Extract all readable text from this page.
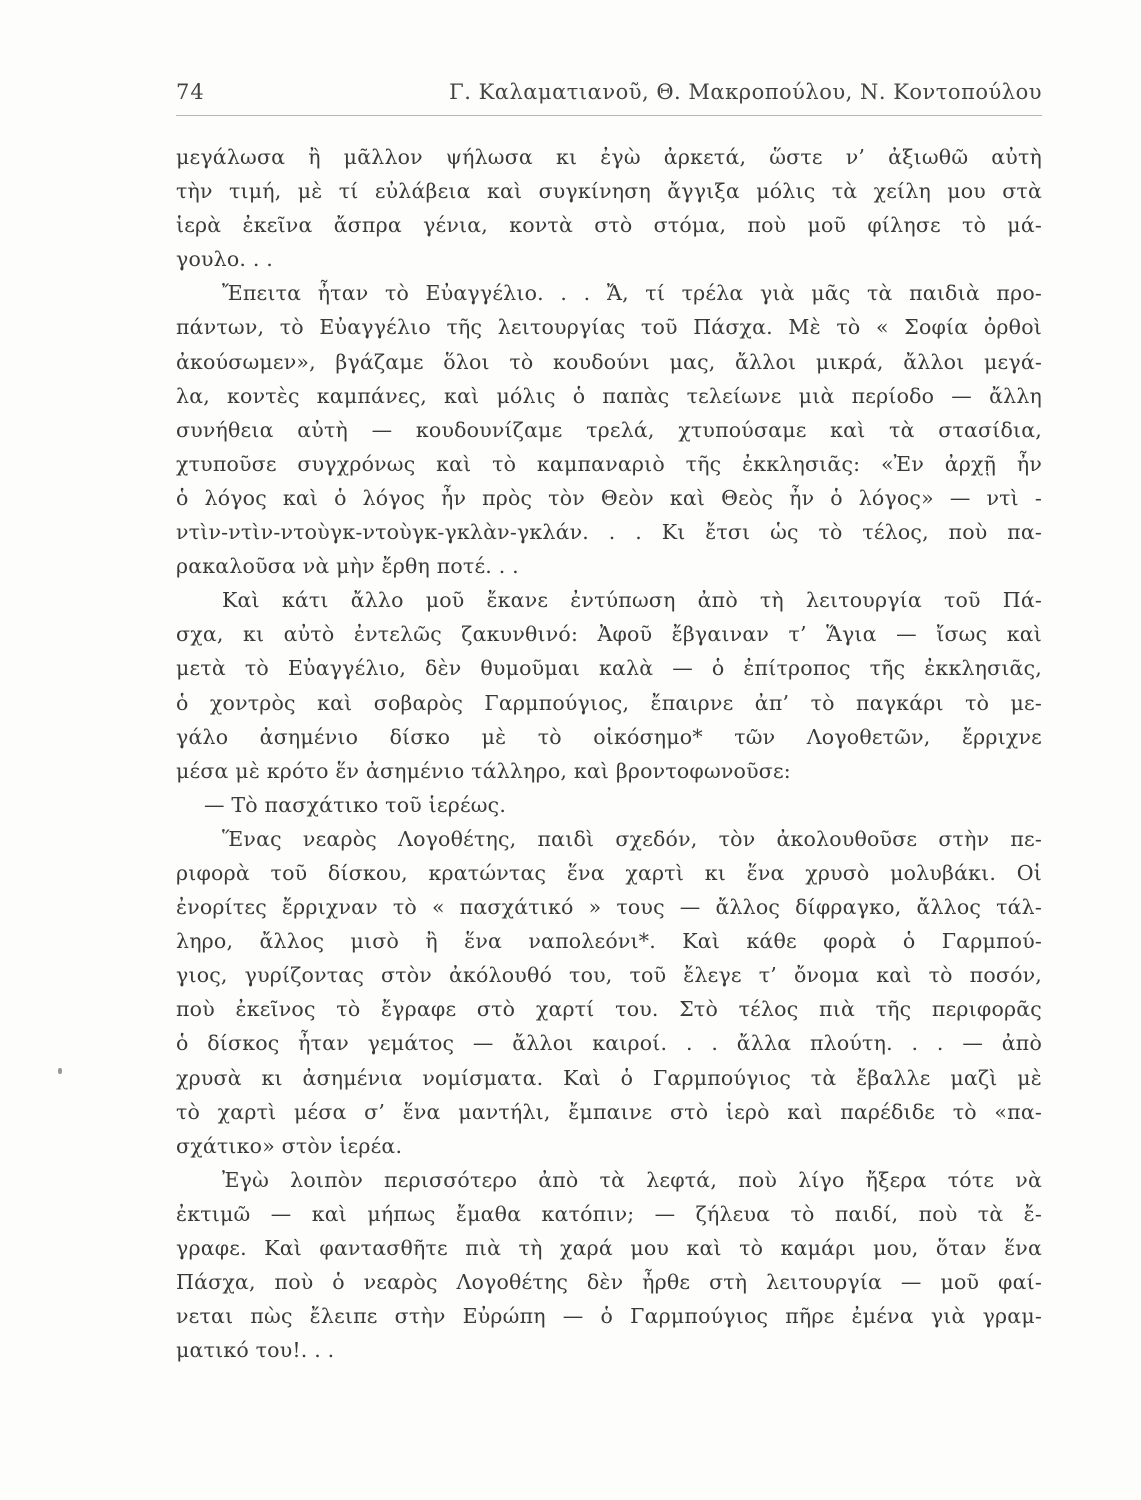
74	Γ. Καλαματιανοῦ, Θ. Μακροπούλου, Ν. Κοντοπούλου
μεγάλωσα ἢ μᾶλλον ψήλωσα κι ἐγὼ ἀρκετά, ὥστε ν’ ἀξιωθῶ αὐτὴ
τὴν τιμή, μὲ τί εὐλάβεια καὶ συγκίνηση ἄγγιξα μόλις τὰ χείλη μου στὰ
ἱερὰ ἐκεῖνα ἄσπρα γένια, κοντὰ στὸ στόμα, ποὺ μοῦ φίλησε τὸ μά-
γουλο. . .
Ἔπειτα ἦταν τὸ Εὐαγγέλιο. . . Ἄ, τί τρέλα γιὰ μᾶς τὰ παιδιὰ προ-
πάντων, τὸ Εὐαγγέλιο τῆς λειτουργίας τοῦ Πάσχα. Μὲ τὸ « Σοφία ὀρθοὶ
ἀκούσωμεν», βγάζαμε ὅλοι τὸ κουδούνι μας, ἄλλοι μικρά, ἄλλοι μεγά-
λα, κοντὲς καμπάνες, καὶ μόλις ὁ παπὰς τελείωνε μιὰ περίοδο — ἄλλη
συνήθεια αὐτὴ — κουδουνίζαμε τρελά, χτυπούσαμε καὶ τὰ στασίδια,
χτυποῦσε συγχρόνως καὶ τὸ καμπαναριὸ τῆς ἐκκλησιᾶς: «Ἐν ἀρχῇ ἦν
ὁ λόγος καὶ ὁ λόγος ἦν πρὸς τὸν Θεὸν καὶ Θεὸς ἦν ὁ λόγος» — ντὶ -
ντὶν-ντὶν-ντοὺγκ-ντοὺγκ-γκλὰν-γκλάν. . . Κι ἔτσι ὡς τὸ τέλος, ποὺ πα-
ρακαλοῦσα νὰ μὴν ἔρθη ποτέ. . .
Καὶ κάτι ἄλλο μοῦ ἔκανε ἐντύπωση ἀπὸ τὴ λειτουργία τοῦ Πά-
σχα, κι αὐτὸ ἐντελῶς ζακυνθινό: Ἀφοῦ ἔβγαιναν τ’ Ἅγια — ἴσως καὶ
μετὰ τὸ Εὐαγγέλιο, δὲν θυμοῦμαι καλὰ — ὁ ἐπίτροπος τῆς ἐκκλησιᾶς,
ὁ χοντρὸς καὶ σοβαρὸς Γαρμπούγιος, ἔπαιρνε ἀπ’ τὸ παγκάρι τὸ με-
γάλο ἀσημένιο δίσκο μὲ τὸ οἰκόσημο* τῶν Λογοθετῶν, ἔρριχνε
μέσα μὲ κρότο ἕν ἀσημένιο τάλληρο, καὶ βροντοφωνοῦσε:
— Τὸ πασχάτικο τοῦ ἱερέως.
Ἕνας νεαρὸς Λογοθέτης, παιδὶ σχεδόν, τὸν ἀκολουθοῦσε στὴν πε-
ριφορὰ τοῦ δίσκου, κρατώντας ἕνα χαρτὶ κι ἕνα χρυσὸ μολυβάκι. Οἱ
ἐνορίτες ἔρριχναν τὸ « πασχάτικό » τους — ἄλλος δίφραγκο, ἄλλος τάλ-
ληρο, ἄλλος μισὸ ἢ ἕνα ναπολεόνι*. Καὶ κάθε φορὰ ὁ Γαρμπού-
γιος, γυρίζοντας στὸν ἀκόλουθό του, τοῦ ἔλεγε τ’ ὄνομα καὶ τὸ ποσόν,
ποὺ ἐκεῖνος τὸ ἔγραφε στὸ χαρτί του. Στὸ τέλος πιὰ τῆς περιφορᾶς
ὁ δίσκος ἦταν γεμάτος — ἄλλοι καιροί. . . ἄλλα πλούτη. . . — ἀπὸ
χρυσὰ κι ἀσημένια νομίσματα. Καὶ ὁ Γαρμπούγιος τὰ ἔβαλλε μαζὶ μὲ
τὸ χαρτὶ μέσα σ’ ἕνα μαντήλι, ἔμπαινε στὸ ἱερὸ καὶ παρέδιδε τὸ «πα-
σχάτικο» στὸν ἱερέα.
Ἐγὼ λοιπὸν περισσότερο ἀπὸ τὰ λεφτά, ποὺ λίγο ἤξερα τότε νὰ
ἐκτιμῶ — καὶ μήπως ἔμαθα κατόπιν; — ζήλευα τὸ παιδί, ποὺ τὰ ἔ-
γραφε. Καὶ φαντασθῆτε πιὰ τὴ χαρά μου καὶ τὸ καμάρι μου, ὅταν ἕνα
Πάσχα, ποὺ ὁ νεαρὸς Λογοθέτης δὲν ἦρθε στὴ λειτουργία — μοῦ φαί-
νεται πὼς ἔλειπε στὴν Εὐρώπη — ὁ Γαρμπούγιος πῆρε ἐμένα γιὰ γραμ-
ματικό του!. . .
